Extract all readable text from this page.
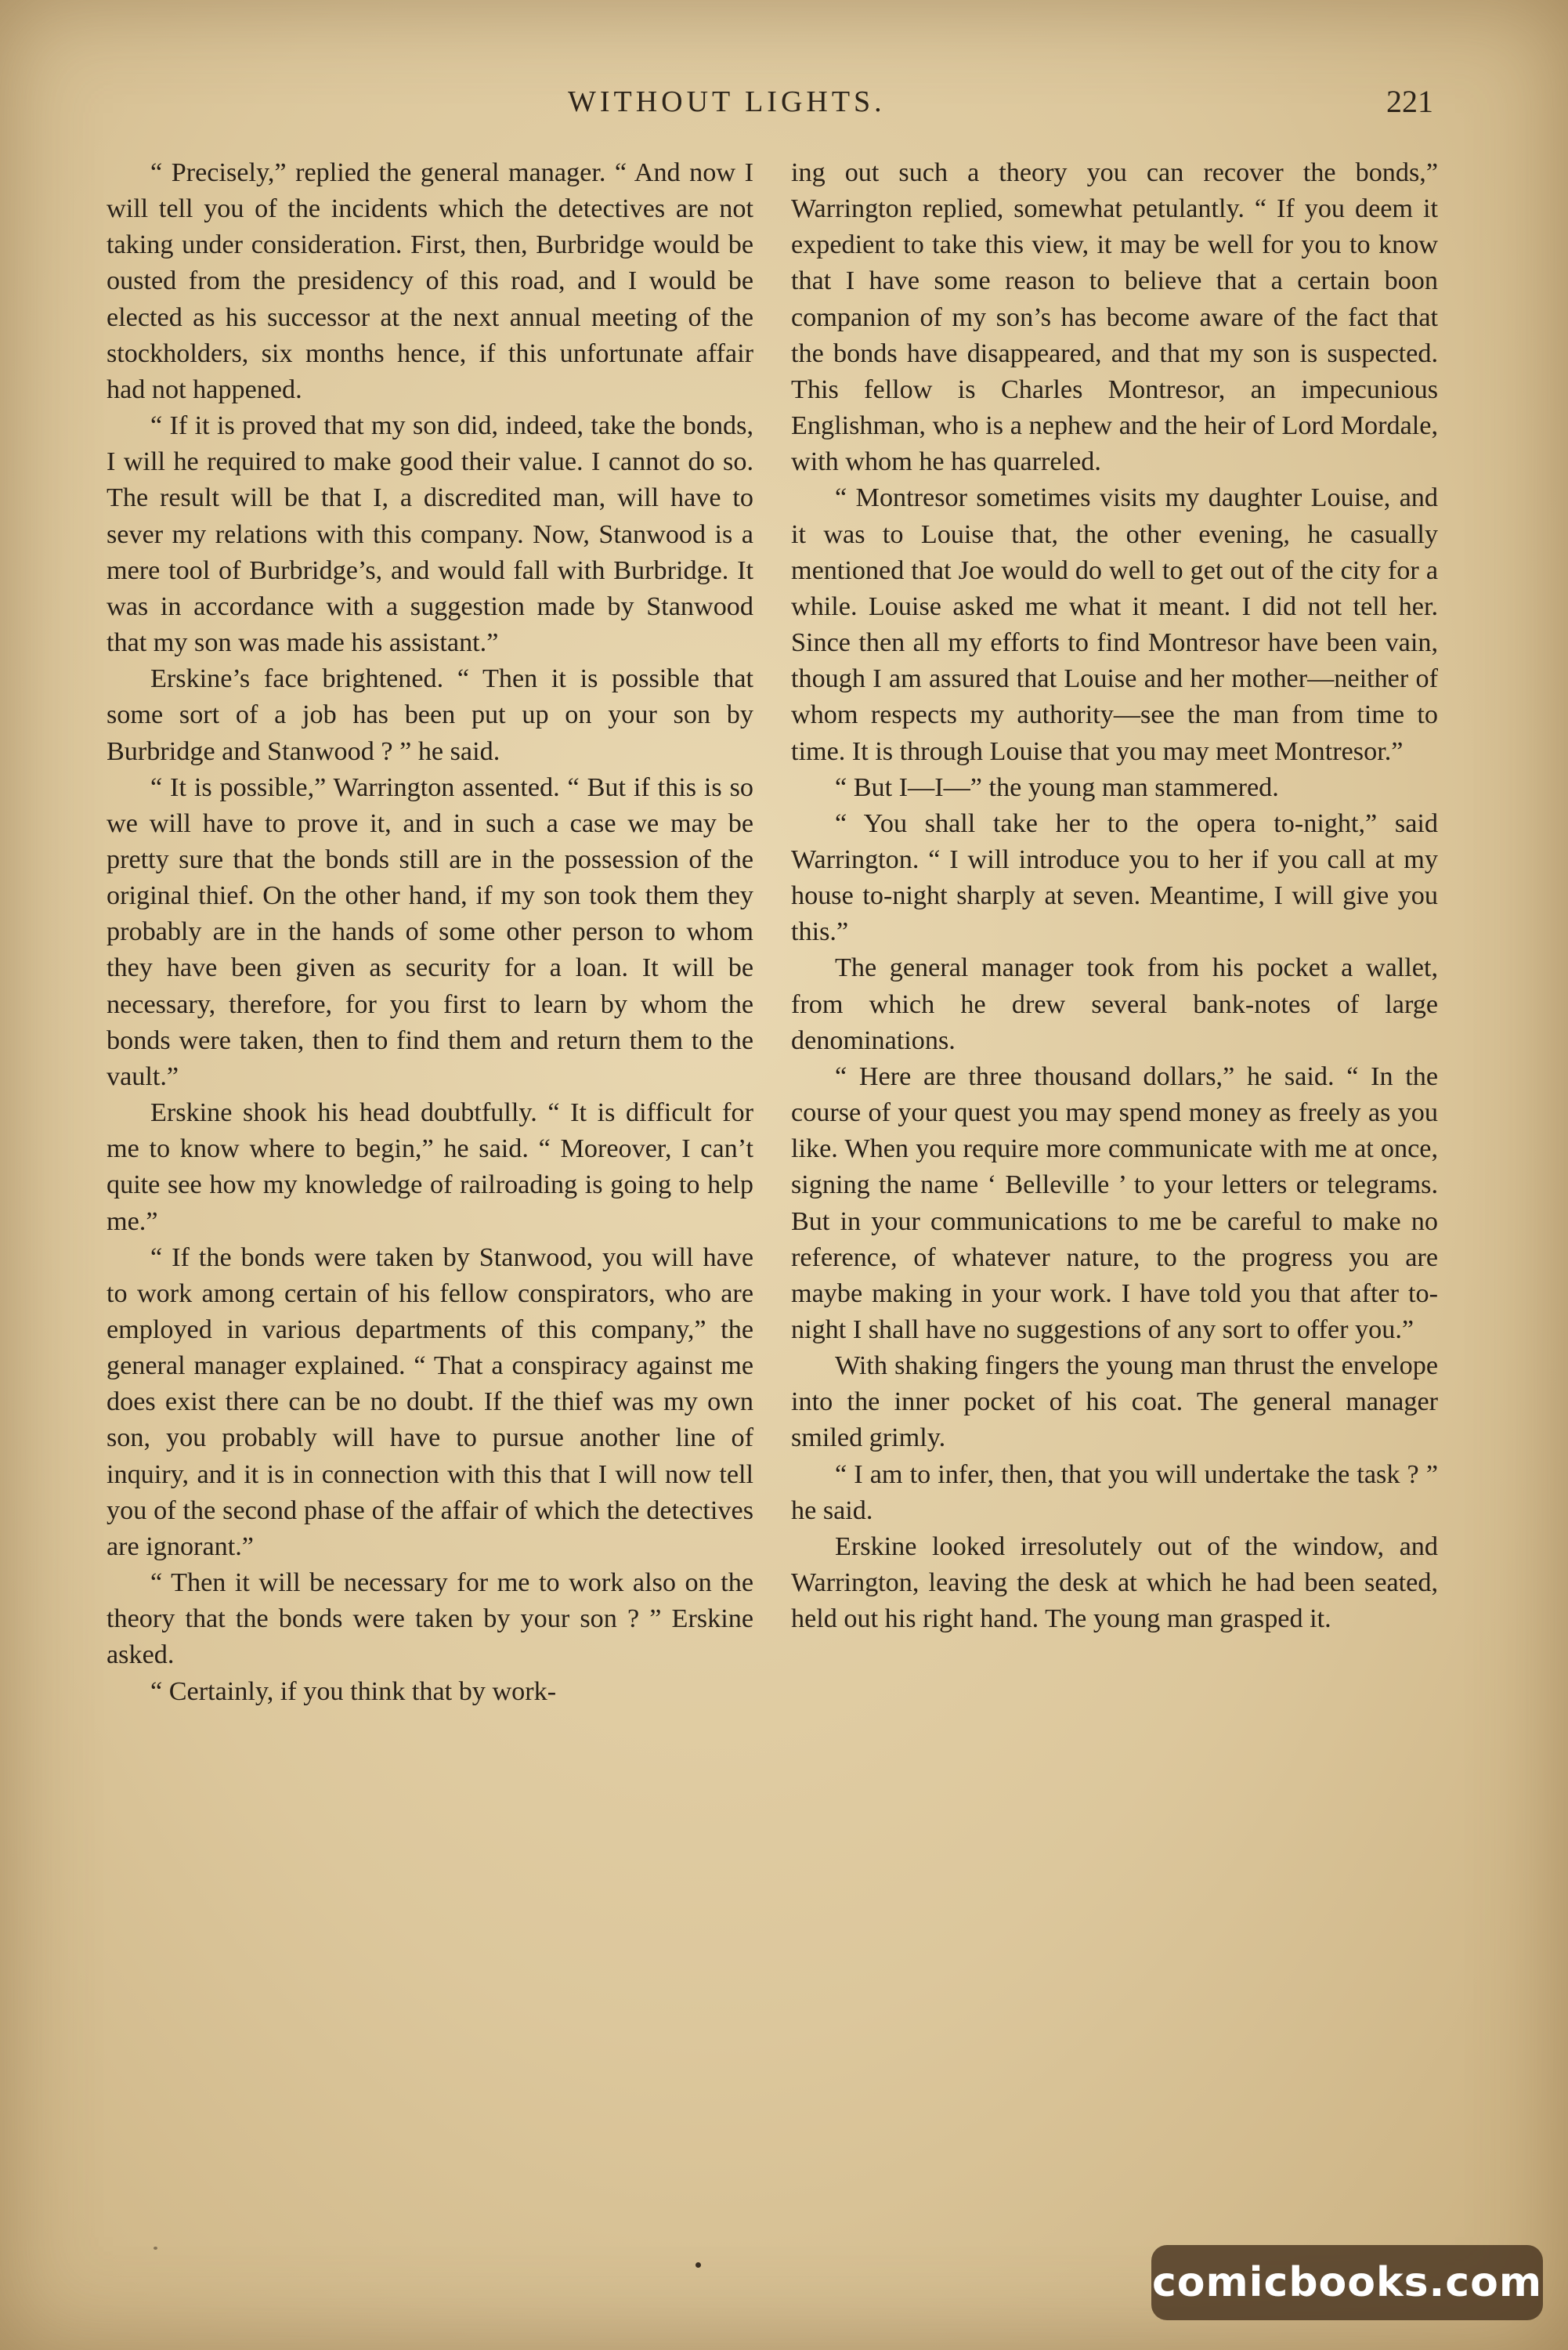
WITHOUT LIGHTS.	221

“ Precisely,” replied the general manager. “ And now I will tell you of the incidents which the detectives are not taking under consideration. First, then, Burbridge would be ousted from the presidency of this road, and I would be elected as his successor at the next annual meeting of the stockholders, six months hence, if this unfortunate affair had not happened.

“ If it is proved that my son did, indeed, take the bonds, I will he required to make good their value. I cannot do so. The result will be that I, a discredited man, will have to sever my relations with this company. Now, Stanwood is a mere tool of Burbridge’s, and would fall with Burbridge. It was in accordance with a suggestion made by Stanwood that my son was made his assistant.”

Erskine’s face brightened. “ Then it is possible that some sort of a job has been put up on your son by Burbridge and Stanwood ? ” he said.

“ It is possible,” Warrington assented. “ But if this is so we will have to prove it, and in such a case we may be pretty sure that the bonds still are in the possession of the original thief. On the other hand, if my son took them they probably are in the hands of some other person to whom they have been given as security for a loan. It will be necessary, therefore, for you first to learn by whom the bonds were taken, then to find them and return them to the vault.”

Erskine shook his head doubtfully. “ It is difficult for me to know where to begin,” he said. “ Moreover, I can’t quite see how my knowledge of railroading is going to help me.”

“ If the bonds were taken by Stanwood, you will have to work among certain of his fellow conspirators, who are employed in various departments of this company,” the general manager explained. “ That a conspiracy against me does exist there can be no doubt. If the thief was my own son, you probably will have to pursue another line of inquiry, and it is in connection with this that I will now tell you of the second phase of the affair of which the detectives are ignorant.”

“ Then it will be necessary for me to work also on the theory that the bonds were taken by your son ? ” Erskine asked.

“ Certainly, if you think that by work-

ing out such a theory you can recover the bonds,” Warrington replied, somewhat petulantly. “ If you deem it expedient to take this view, it may be well for you to know that I have some reason to believe that a certain boon companion of my son’s has become aware of the fact that the bonds have disappeared, and that my son is suspected. This fellow is Charles Montresor, an impecunious Englishman, who is a nephew and the heir of Lord Mordale, with whom he has quarreled.

“ Montresor sometimes visits my daughter Louise, and it was to Louise that, the other evening, he casually mentioned that Joe would do well to get out of the city for a while. Louise asked me what it meant. I did not tell her. Since then all my efforts to find Montresor have been vain, though I am assured that Louise and her mother—neither of whom respects my authority—see the man from time to time. It is through Louise that you may meet Montresor.”

“ But I—I—” the young man stammered.

“ You shall take her to the opera to-night,” said Warrington. “ I will introduce you to her if you call at my house to-night sharply at seven. Meantime, I will give you this.”

The general manager took from his pocket a wallet, from which he drew several bank-notes of large denominations.

“ Here are three thousand dollars,” he said. “ In the course of your quest you may spend money as freely as you like. When you require more communicate with me at once, signing the name ‘ Belleville ’ to your letters or telegrams. But in your communications to me be careful to make no reference, of whatever nature, to the progress you are maybe making in your work. I have told you that after to-night I shall have no suggestions of any sort to offer you.”

With shaking fingers the young man thrust the envelope into the inner pocket of his coat. The general manager smiled grimly.

“ I am to infer, then, that you will undertake the task ? ” he said.

Erskine looked irresolutely out of the window, and Warrington, leaving the desk at which he had been seated, held out his right hand. The young man grasped it.

comicbooks.com
